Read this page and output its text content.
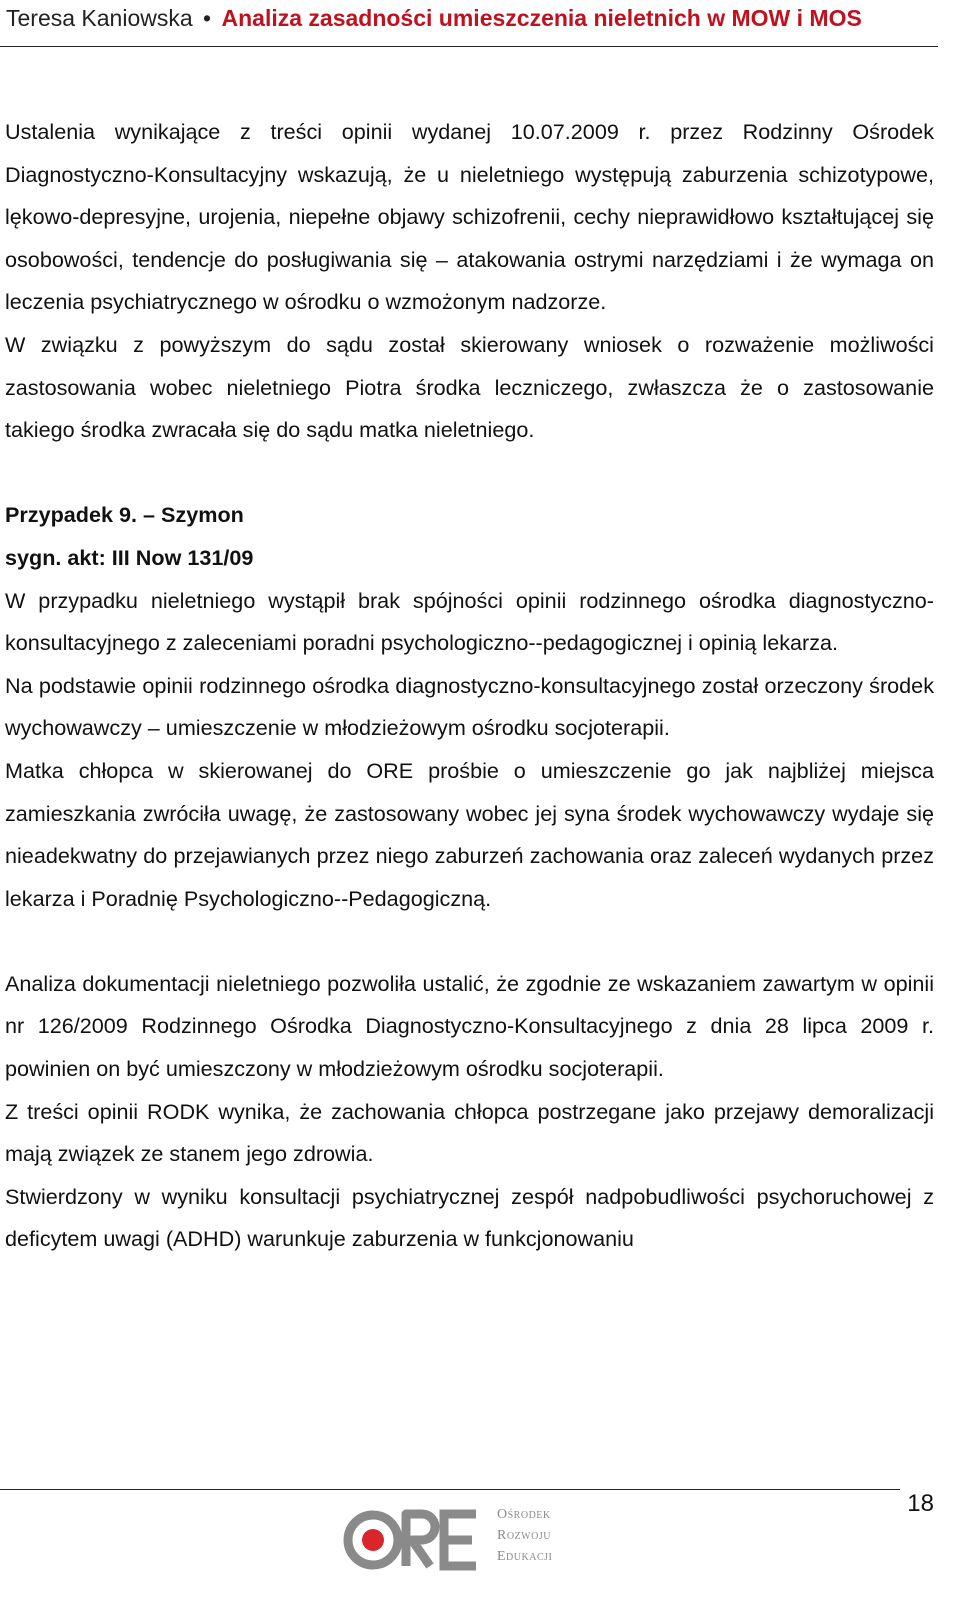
Teresa Kaniowska • Analiza zasadności umieszczenia nieletnich w MOW i MOS

Ustalenia wynikające z treści opinii wydanej 10.07.2009 r. przez Rodzinny Ośrodek Diagnostyczno-Konsultacyjny wskazują, że u nieletniego występują zaburzenia schizotypowe, lękowo-depresyjne, urojenia, niepełne objawy schizofrenii, cechy nieprawidłowo kształtującej się osobowości, tendencje do posługiwania się – atakowania ostrymi narzędziami i że wymaga on leczenia psychiatrycznego w ośrodku o wzmożonym nadzorze.

W związku z powyższym do sądu został skierowany wniosek o rozważenie możliwości zastosowania wobec nieletniego Piotra środka leczniczego, zwłaszcza że o zastosowanie takiego środka zwracała się do sądu matka nieletniego.

Przypadek 9. – Szymon

sygn. akt: III Now 131/09

W przypadku nieletniego wystąpił brak spójności opinii rodzinnego ośrodka diagnostyczno-konsultacyjnego z zaleceniami poradni psychologiczno-​-pedagogicznej i opinią lekarza.

Na podstawie opinii rodzinnego ośrodka diagnostyczno-konsultacyjnego został orzeczony środek wychowawczy – umieszczenie w młodzieżowym ośrodku socjoterapii.

Matka chłopca w skierowanej do ORE prośbie o umieszczenie go jak najbliżej miejsca zamieszkania zwróciła uwagę, że zastosowany wobec jej syna środek wychowawczy wydaje się nieadekwatny do przejawianych przez niego zaburzeń zachowania oraz zaleceń wydanych przez lekarza i Poradnię Psychologiczno-​-Pedagogiczną.

Analiza dokumentacji nieletniego pozwoliła ustalić, że zgodnie ze wskazaniem zawartym w opinii nr 126/2009 Rodzinnego Ośrodka Diagnostyczno-Konsultacyjnego z dnia 28 lipca 2009 r. powinien on być umieszczony w młodzieżowym ośrodku socjoterapii.

Z treści opinii RODK wynika, że zachowania chłopca postrzegane jako przejawy demoralizacji mają związek ze stanem jego zdrowia.

Stwierdzony w wyniku konsultacji psychiatrycznej zespół nadpobudliwości psychoruchowej z deficytem uwagi (ADHD) warunkuje zaburzenia w funkcjonowaniu

18
Ośrodek
Rozwoju
Edukacji
